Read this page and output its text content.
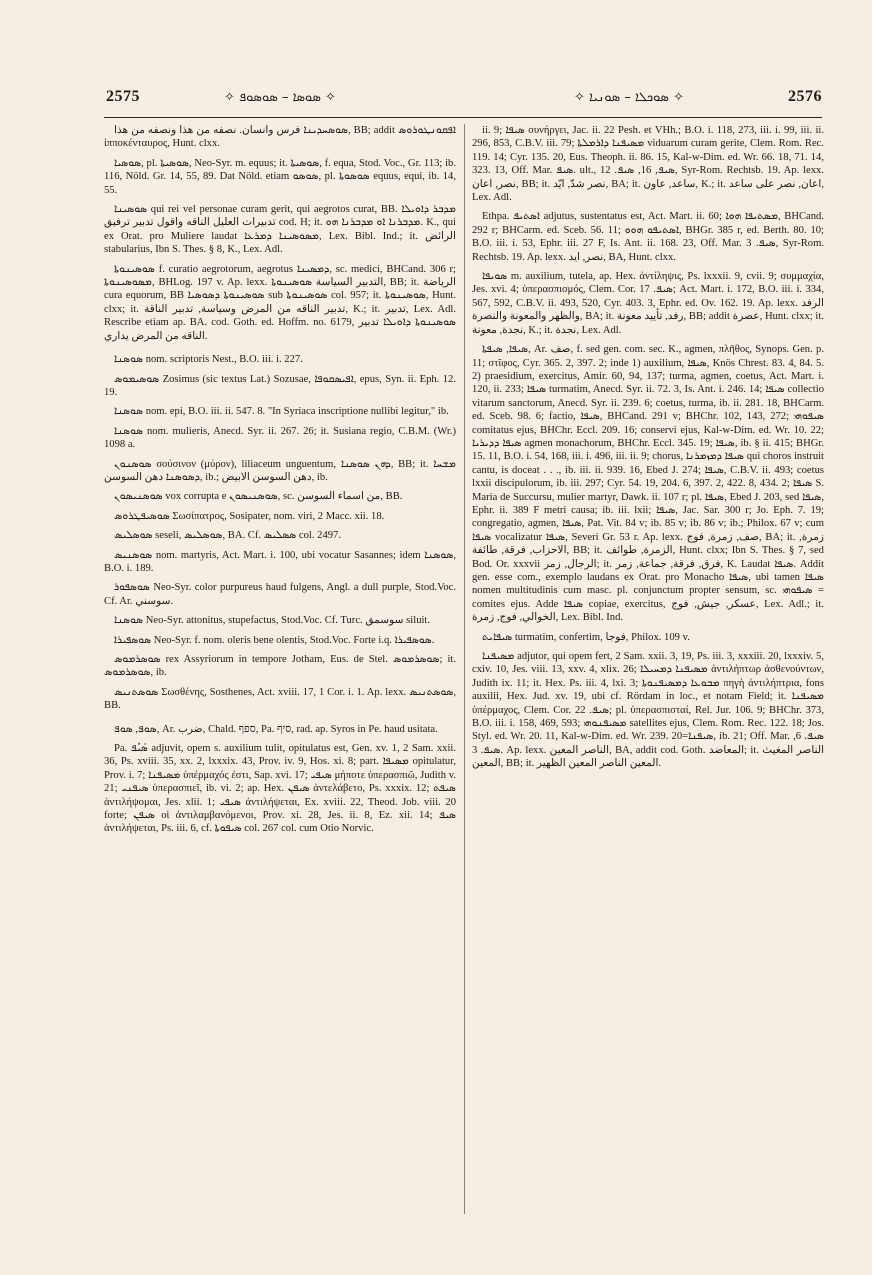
2575	✧ ܣܘܣܐ – ܣܘܣܘܦ ✧	✧ ܣܘܟܠܐ – ܣܘܢܝܐ ✧	2576

ܣܘܣܚܕܝܢܐ فرس وانسان. نصفه من هذا ونصفه من هذا, BB; addit ܐܦܩܘܢܛܘܪܘܣ ἱπποκένταυρος, Hunt. clxx.

ܣܘܣܝܐ, pl. ܣܘܣܝܬܐ, Neo-Syr. m. equus; it. ܣܘܣܝܬܐ, f. equa, Stod. Voc., Gr. 113; ib. 116, Nöld. Gr. 14, 55, 89. Dat Nöld. etiam ܣܘܣܘ, pl. ܣܘܣܘܬܐ equus, equi, ib. 14, 55.

ܣܘܣܝܢܐ qui rei vel personae curam gerit, qui aegrotos curat, BB. ܡܕܒܪ ܕܐܘܝܠܐ تدبيرات العليل الناقه واقول تدبير ترفيق cod. H; it. ܡܕܒܪܢܐ ܐܘ ܡܕܒܪܢܐ ܗܘ. K., qui ex Orat. pro Muliere laudat ܡܣܘܣܝܢܐ ܕܡܪܥܐ, Lex. Bibl. Ind.; it. الرائض stabularius, Ibn S. Thes. § 8, K., Lex. Adl.

ܣܘܣܝܢܘܬܐ f. curatio aegrotorum, aegrotus ܕܡܣܝܢܐ, sc. medici, BHCand. 306 r; ܡܣܘܣܝܢܘܬܐ, BHLog. 197 v. Ap. lexx. التدبير السياسة ܣܘܣܝܢܘܬܐ, BB; it. الرياضة cura equorum, BB ܣܘܣܝܢܘܬܐ ܕܣܘܣܝܐ sub ܣܘܣܝܢܘܬܐ col. 957; it. ܣܘܣܝܢܘܬܐ, Hunt. clxx; it. تدبير الناقه من المرض وسياسة, تدبير الناقة, K.; it. تدبير, Lex. Adl. Rescribe etiam ap. BA. cod. Goth. ed. Hoffm. no. 6179, ܣܘܣܝܢܘܬܐ ܕܐܘܝܠܐ تدبير الناقه من المرض يداري.

ܣܘܣܢܐ nom. scriptoris Nest., B.O. iii. i. 227.

ܣܘܣܝܡܘܣ Zosimus (sic textus Lat.) Sozusae, ܐܦܝܣܩܘܦܐ, epus, Syn. ii. Eph. 12. 19.

ܣܘܣܢܐ nom. epi, B.O. iii. ii. 547. 8. "In Syriaca inscriptione nullibi legitur," ib.

ܣܘܣܢܐ nom. mulieris, Anecd. Syr. ii. 267. 26; it. Susiana regio, C.B.M. (Wr.) 1098 a.

ܣܘܣܢܘܢ σούσινον (μύρον), liliaceum unguentum, ܕܗܢ ܣܘܣܢܐ, BB; it. ܡܫܚܐ ܕܣܘܣܢܐ دهن السوسن, ib.; دهن السوسن الابيض, ib.

ܣܘܣܢܝܣܘܢ vox corrupta e ܣܘܣܢܝܣܘܢ, sc. من اسماء السوسن, BB.

ܣܘܣܝܦܛܪܘܣ Σωσίπατρος, Sosipater, nom. viri, 2 Macc. xii. 18.

ܣܘܣܠܝܣ seseli, ܣܘܣܠܝܣ, BA. Cf. ܣܣܠܝܣ col. 2497.

ܣܘܣܢܝܣ nom. martyris, Act. Mart. i. 100, ubi vocatur Sasannes; idem ܣܘܣܢܐ, B.O. i. 189.

ܣܘܣܦܘܪ Neo-Syr. color purpureus haud fulgens, Angl. a dull purple, Stod.Voc. Cf. Ar. سوسني.

ܣܘܣܢܐ Neo-Syr. attonitus, stupefactus, Stod.Voc. Cf. Turc. سوسمق siluit.

ܣܘܣܦܝܪܐ Neo-Syr. f. nom. oleris bene olentis, Stod.Voc. Forte i.q. ܣܘܣܦܝܪܐ.

ܣܘܣܪܡܘܣ rex Assyriorum in tempore Jotham, Eus. de Stel. ܣܘܣܪܡܘܣ; it. ܣܘܣܪܡܘܣ, ib.

ܣܘܣܬܢܝܣ Σωσθένης, Sosthenes, Act. xviii. 17, 1 Cor. i. 1. Ap. lexx. ܣܘܣܬܢܝܣ, BB.

ܣܘܦ, ܣܘܦ, Ar. ضرب, Chald. ספף, Pa. סיף, rad. ap. Syros in Pe. haud usitata.

Pa. ܣܰܝܶܦ adjuvit, opem s. auxilium tulit, opitulatus est, Gen. xv. 1, 2 Sam. xxii. 36, Ps. xviii. 35, xx. 2, lxxxix. 43, Prov. iv. 9, Hos. xi. 8; part. ܡܣܝܦܐ opitulatur, Prov. i. 7; ܡܣܝܦܢܐ ὑπέρμαχός ἐστι, Sap. xvi. 17; ܣܝܦܝ μήποτε ὑπερασπιῶ, Judith v. 21; ܣܝܦܢܝ ὑπερασπιεῖ, ib. vi. 2; ap. Hex. ܣܝܦܢ ἀντελάβετο, Ps. xxxix. 12; ܣܝܦܬ ἀντιλήψομαι, Jes. xlii. 1; ܣܝܦܝ ἀντιλήψεται, Ex. xviii. 22, Theod. Job. viii. 20 forte; ܣܝܦܢ οἱ ἀντιλαμβανόμενοι, Prov. xi. 28, Jes. ii. 8, Ez. xii. 14; ܣܝܦ ἀντιλήψεται, Ps. iii. 6, cf. ܣܝܦܘܬܐ col. 267 col. cum Otio Norvic.

ii. 9; ܣܝܦܐ συνήργει, Jac. ii. 22 Pesh. et VHh.; B.O. i. 118, 273, iii. i. 99, iii. ii. 296, 853, C.B.V. iii. 79; ܡܣܝܦܢܐ ܕܐܪܡܠܬܐ viduarum curam gerite, Clem. Rom. Rec. 119. 14; Cyr. 135. 20, Eus. Theoph. ii. 86. 15, Kal-w-Dim. ed. Wr. 66. 18, 71. 14, 323. 13, Off. Mar. ܣܝܦ. ult., ܣܝܦ, 16, ܣܝܦ. 12, Syr-Rom. Rechtsb. 19. Ap. lexx. نصر, اعان, BB; it. نصر شدّ, ايّد, BA; it. ساعد, عاون, K.; it. اعان, نصر على ساعد, Lex. Adl.

Ethpa. ܐܣܬܝܦ adjutus, sustentatus est, Act. Mart. ii. 60; ܡܣܬܝܦܐ ܗܘܐ, BHCand. 292 r; BHCarm. ed. Sceb. 56. 11; ܐܣܬܝܦܘ ܗܘܘ, BHGr. 385 r, ed. Berth. 80. 10; B.O. iii. i. 53, Ephr. iii. 27 F, Is. Ant. ii. 168. 23, Off. Mar. ܣܝܦ. 3, Syr-Rom. Rechtsb. 19. Ap. lexx. نصر, ايد, BA, Hunt. clxx.

ܣܘܝܦܐ m. auxilium, tutela, ap. Hex. ἀντίληψις, Ps. lxxxii. 9, cvii. 9; συμμαχία, Jes. xvi. 4; ὑπερασπισμός, Clem. Cor. ܣܝܦ. 17; Act. Mart. i. 172, B.O. iii. i. 334, 567, 592, C.B.V. ii. 493, 520, Cyr. 403. 3, Ephr. ed. Ov. 162. 19. Ap. lexx. الرفد والظهر والمعونة والنصرة, BA; it. رفد, تأييد معونة, BB; addit عصرة, Hunt. clxx; it. نجدة, معونة, K.; it. نجدة, Lex. Adl.

ܣܝܦܐ, ܣܝܦܬܐ, Ar. صف, f. sed gen. com. sec. K., agmen, πλῆθος, Synops. Gen. p. 11; στῖφος, Cyr. 365. 2, 397. 2; inde 1) auxilium, ܣܝܦܐ, Knös Chrest. 83. 4, 84. 5. 2) praesidium, exercitus, Amir. 60, 94, 137; turma, agmen, coetus, Act. Mart. i. 120, ii. 233; ܣܝܦܐ turmatim, Anecd. Syr. ii. 72. 3, Is. Ant. i. 246. 14; ܣܝܦܐ collectio vitarum sanctorum, Anecd. Syr. ii. 239. 6; coetus, turma, ib. ii. 281. 18, BHCarm. ed. Sceb. 98. 6; factio, ܣܝܦܐ, BHCand. 291 v; BHChr. 102, 143, 272; ܣܝܦܘܗܝ comitatus ejus, BHChr. Eccl. 209. 16; conservi ejus, Kal-w-Dim. ed. Wr. 10. 22; ܣܝܦܐ ܕܕܝܪܝܐ agmen monachorum, BHChr. Eccl. 345. 19; ܣܝܦܐ, ib. § ii. 415; BHGr. 15. 11, B.O. i. 54, 168, iii. i. 496, iii. ii. 9; chorus, ܣܝܦܐ ܕܡܙܡܪܢܐ qui choros instruit cantu, is doceat . . ., ib. iii. ii. 939. 16, Ebed J. 274; ܣܝܦܐ, C.B.V. ii. 493; coetus lxxii discipulorum, ib. iii. 297; Cyr. 54. 19, 204. 6, 397. 2, 422. 8, 434. 2; ܣܝܦܐ S. Maria de Succursu, mulier martyr, Dawk. ii. 107 r; pl. ܣܝܦܐ, Ebed J. 203, sed ܣܝܦܐ, Ephr. ii. 389 F metri causa; ib. iii. lxii; ܣܝܦܐ, Jac. Sar. 300 r; Jo. Eph. 7. 19; congregatio, agmen, ܣܝܦܐ, Pat. Vit. 84 v; ib. 85 v; ib. 86 v; ib.; Philox. 67 v; cum ܣܝܦܐ vocalizatur ܣܝܦܐ, Severi Gr. 53 r. Ap. lexx. صف, زمرة, فوج, BA; it. زمرة, الاحزاب, فرقة, طائفة, BB; it. الزمرة, طوائف, Hunt. clxx; Ibn S. Thes. § 7, sed Bod. Or. xxxvii الرجال, زمر; it. فرق, فرقة, جماعة, زمر, K. Laudat ܣܝܦܐ. Addit gen. esse com., exemplo laudans ex Orat. pro Monacho ܣܝܦܐ, ubi tamen ܣܝܦܐ nomen multitudinis cum masc. pl. conjunctum propter sensum, sc. ܣܝܦܘܗܝ = comites ejus. Adde ܣܝܦܐ copiae, exercitus, عسكر, جيش, فوج, Lex. Adl.; it. الخوالي, فوج, زمرة, Lex. Bibl. Ind.

ܣܝܦܐܝܬ turmatim, confertim, فوجا, Philox. 109 v.

ܡܣܝܦܢܐ adjutor, qui opem fert, 2 Sam. xxii. 3, 19, Ps. iii. 3, xxxiii. 20, lxxxiv. 5, cxiv. 10, Jes. viii. 13, xxv. 4, xlix. 26; ܡܣܝܦܢܐ ܕܡܚܝܠܐ ἀντιλήπτωρ ἀσθενούντων, Judith ix. 11; it. Hex. Ps. iii. 4, lxi. 3; ܡܒܘܥܐ ܕܡܣܝܦܢܘܬܐ πηγὴ ἀντιλήπτρια, fons auxilii, Hex. Jud. xv. 19, ubi cf. Rördam in loc., et notam Field; it. ܡܣܝܦܢܐ ὑπέρμαχος, Clem. Cor. ܣܝܦ. 22; pl. ὑπερασπισταί, Rel. Jur. 106. 9; BHChr. 373, B.O. iii. i. 158, 469, 593; ܡܣܝܦܢܘܗܝ satellites ejus, Clem. Rom. Rec. 122. 18; Jos. Styl. ed. Wr. 20. 11, Kal-w-Dim. ed. Wr. 239. 20=ܣܝܦܢܐ, ib. 21; Off. Mar. ܣܝܦ. 6, ܣܝܦ. 3. Ap. lexx. الناصر المعين, BA, addit cod. Goth. المعاضد; it. الناصر المغيث المعين, BB; it. المعين الناصر المعين الظهير.
